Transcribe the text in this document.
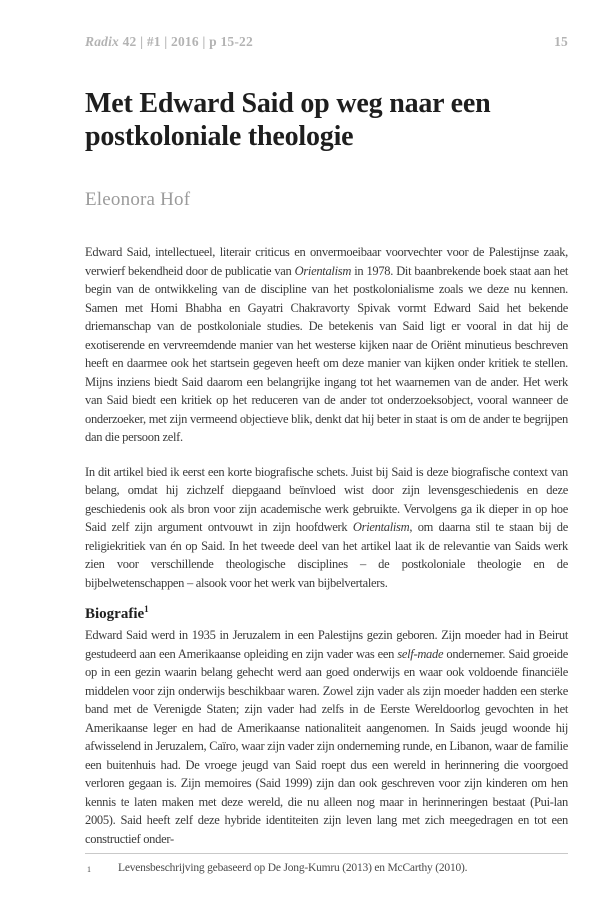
Radix 42 | #1 | 2016 | p 15-22	15
Met Edward Said op weg naar een postkoloniale theologie
Eleonora Hof

Edward Said, intellectueel, literair criticus en onvermoeibaar voorvechter voor de Palestijnse zaak, verwierf bekendheid door de publicatie van Orientalism in 1978. Dit baanbrekende boek staat aan het begin van de ontwikkeling van de discipline van het postkolonialisme zoals we deze nu kennen. Samen met Homi Bhabha en Gayatri Chakravorty Spivak vormt Edward Said het bekende driemanschap van de postkoloniale studies. De betekenis van Said ligt er vooral in dat hij de exotiserende en vervreemdende manier van het westerse kijken naar de Oriënt minutieus beschreven heeft en daarmee ook het startsein gegeven heeft om deze manier van kijken onder kritiek te stellen. Mijns inziens biedt Said daarom een belangrijke ingang tot het waarnemen van de ander. Het werk van Said biedt een kritiek op het reduceren van de ander tot onderzoeksobject, vooral wanneer de onderzoeker, met zijn vermeend objectieve blik, denkt dat hij beter in staat is om de ander te begrijpen dan die persoon zelf.

In dit artikel bied ik eerst een korte biografische schets. Juist bij Said is deze biografische context van belang, omdat hij zichzelf diepgaand beïnvloed wist door zijn levensgeschiedenis en deze geschiedenis ook als bron voor zijn academische werk gebruikte. Vervolgens ga ik dieper in op hoe Said zelf zijn argument ontvouwt in zijn hoofdwerk Orientalism, om daarna stil te staan bij de religiekritiek van én op Said. In het tweede deel van het artikel laat ik de relevantie van Saids werk zien voor verschillende theologische disciplines – de postkoloniale theologie en de bijbelwetenschappen – alsook voor het werk van bijbelvertalers.

Biografie$^1$

Edward Said werd in 1935 in Jeruzalem in een Palestijns gezin geboren. Zijn moeder had in Beirut gestudeerd aan een Amerikaanse opleiding en zijn vader was een self-made ondernemer. Said groeide op in een gezin waarin belang gehecht werd aan goed onderwijs en waar ook voldoende financiële middelen voor zijn onderwijs beschikbaar waren. Zowel zijn vader als zijn moeder hadden een sterke band met de Verenigde Staten; zijn vader had zelfs in de Eerste Wereldoorlog gevochten in het Amerikaanse leger en had de Amerikaanse nationaliteit aangenomen. In Saids jeugd woonde hij afwisselend in Jeruzalem, Caïro, waar zijn vader zijn onderneming runde, en Libanon, waar de familie een buitenhuis had. De vroege jeugd van Said roept dus een wereld in herinnering die voorgoed verloren gegaan is. Zijn memoires (Said 1999) zijn dan ook geschreven voor zijn kinderen om hen kennis te laten maken met deze wereld, die nu alleen nog maar in herinneringen bestaat (Pui-lan 2005). Said heeft zelf deze hybride identiteiten zijn leven lang met zich meegedragen en tot een constructief onder-

1	Levensbeschrijving gebaseerd op De Jong-Kumru (2013) en McCarthy (2010).
